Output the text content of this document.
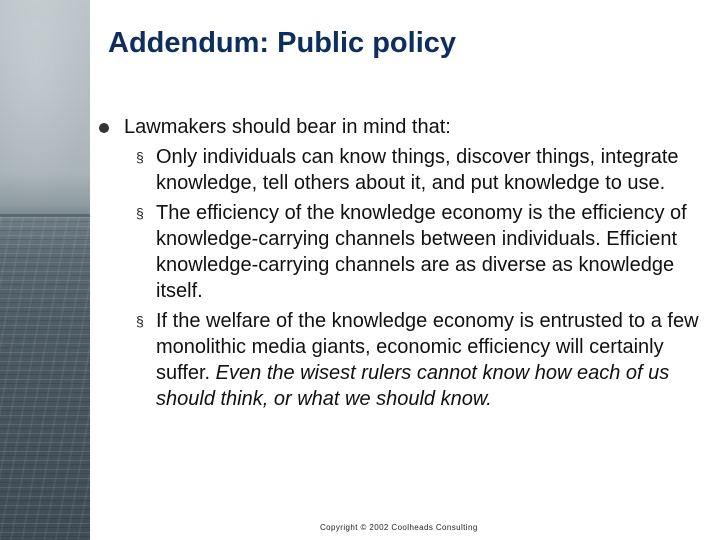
Addendum: Public policy
Lawmakers should bear in mind that:
§ Only individuals can know things, discover things, integrate knowledge, tell others about it, and put knowledge to use.
§ The efficiency of the knowledge economy is the efficiency of knowledge-carrying channels between individuals. Efficient knowledge-carrying channels are as diverse as knowledge itself.
§ If the welfare of the knowledge economy is entrusted to a few monolithic media giants, economic efficiency will certainly suffer. Even the wisest rulers cannot know how each of us should think, or what we should know.
Copyright © 2002 Coolheads Consulting
